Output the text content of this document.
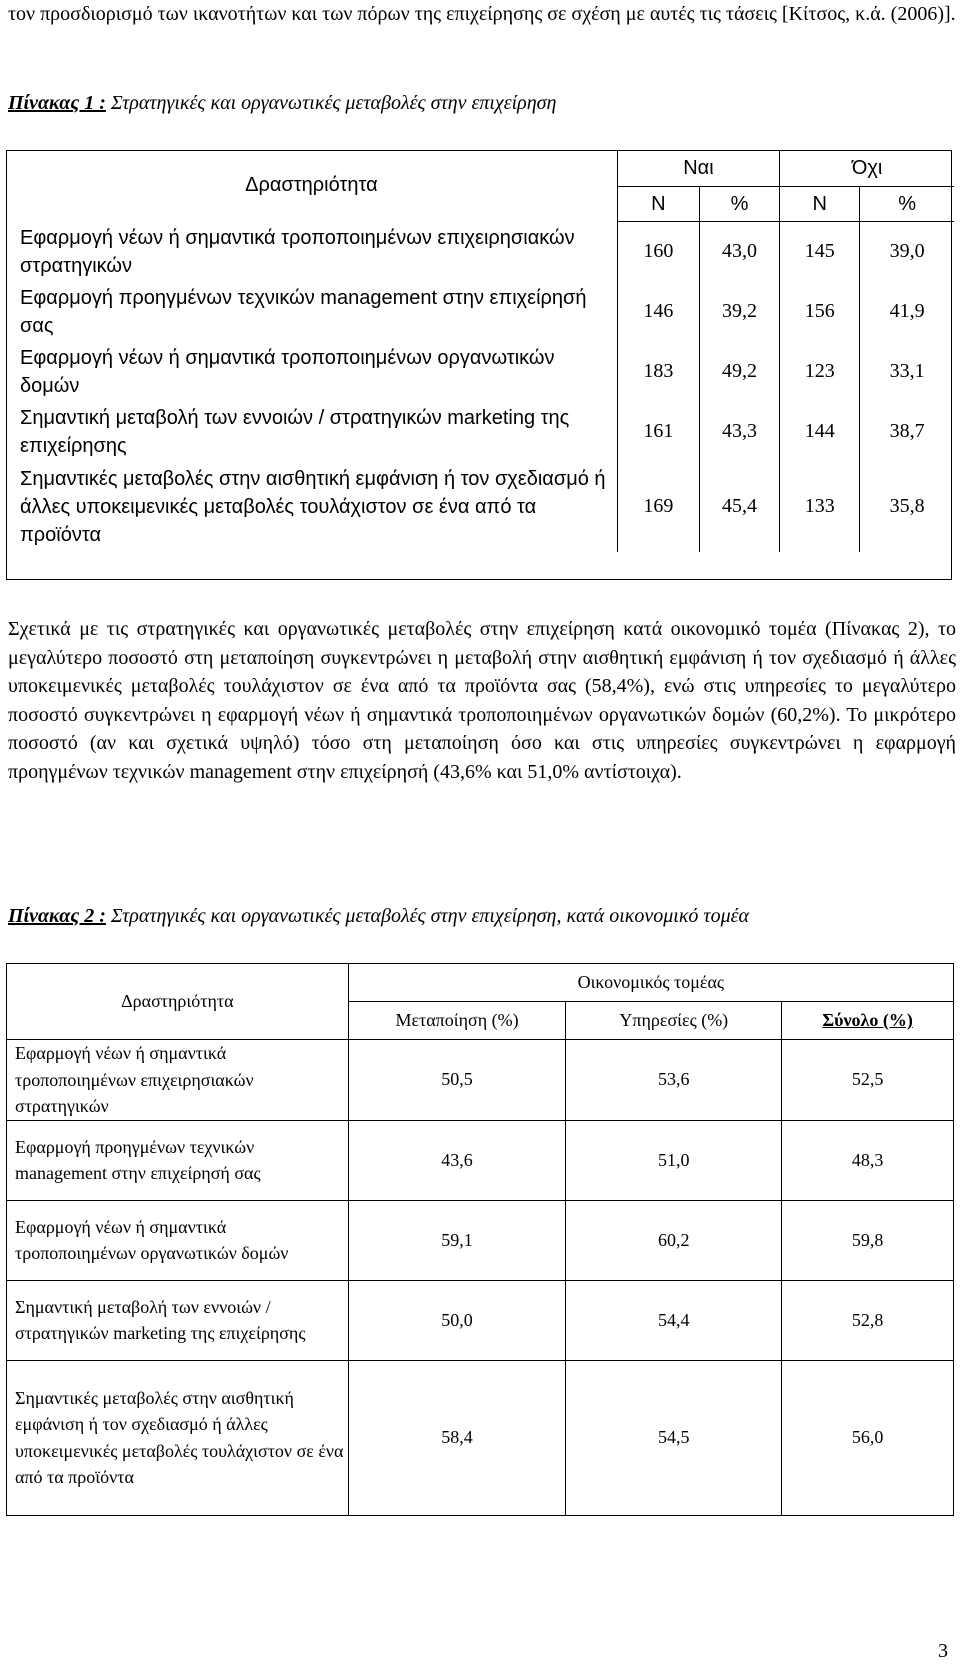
τον προσδιορισμό των ικανοτήτων και των πόρων της επιχείρησης σε σχέση με αυτές τις τάσεις [Κίτσος, κ.ά. (2006)].

Πίνακας 1 : Στρατηγικές και οργανωτικές μεταβολές στην επιχείρηση

Δραστηριότητα	Ναι		Όχι	
	Ν	%	Ν	%
Εφαρμογή νέων ή σημαντικά τροποποιημένων επιχειρησιακών στρατηγικών	160	43,0	145	39,0
Εφαρμογή προηγμένων τεχνικών management στην επιχείρησή σας	146	39,2	156	41,9
Εφαρμογή νέων ή σημαντικά τροποποιημένων οργανωτικών δομών	183	49,2	123	33,1
Σημαντική μεταβολή των εννοιών / στρατηγικών marketing της επιχείρησης	161	43,3	144	38,7
Σημαντικές μεταβολές στην αισθητική εμφάνιση ή τον σχεδιασμό ή άλλες υποκειμενικές μεταβολές τουλάχιστον σε ένα από τα προϊόντα	169	45,4	133	35,8

Σχετικά με τις στρατηγικές και οργανωτικές μεταβολές στην επιχείρηση κατά οικονομικό τομέα (Πίνακας 2), το μεγαλύτερο ποσοστό στη μεταποίηση συγκεντρώνει η μεταβολή στην αισθητική εμφάνιση ή τον σχεδιασμό ή άλλες υποκειμενικές μεταβολές τουλάχιστον σε ένα από τα προϊόντα σας (58,4%), ενώ στις υπηρεσίες το μεγαλύτερο ποσοστό συγκεντρώνει η εφαρμογή νέων ή σημαντικά τροποποιημένων οργανωτικών δομών (60,2%). Το μικρότερο ποσοστό (αν και σχετικά υψηλό) τόσο στη μεταποίηση όσο και στις υπηρεσίες συγκεντρώνει η εφαρμογή προηγμένων τεχνικών management στην επιχείρησή (43,6% και 51,0% αντίστοιχα).

Πίνακας 2 : Στρατηγικές και οργανωτικές μεταβολές στην επιχείρηση, κατά οικονομικό τομέα

Δραστηριότητα	Οικονομικός τομέας		
	Μεταποίηση (%)	Υπηρεσίες (%)	Σύνολο (%)
Εφαρμογή νέων ή σημαντικά τροποποιημένων επιχειρησιακών στρατηγικών	50,5	53,6	52,5
Εφαρμογή προηγμένων τεχνικών management στην επιχείρησή σας	43,6	51,0	48,3
Εφαρμογή νέων ή σημαντικά τροποποιημένων οργανωτικών δομών	59,1	60,2	59,8
Σημαντική μεταβολή των εννοιών / στρατηγικών marketing της επιχείρησης	50,0	54,4	52,8
Σημαντικές μεταβολές στην αισθητική εμφάνιση ή τον σχεδιασμό ή άλλες υποκειμενικές μεταβολές τουλάχιστον σε ένα από τα προϊόντα	58,4	54,5	56,0
3
